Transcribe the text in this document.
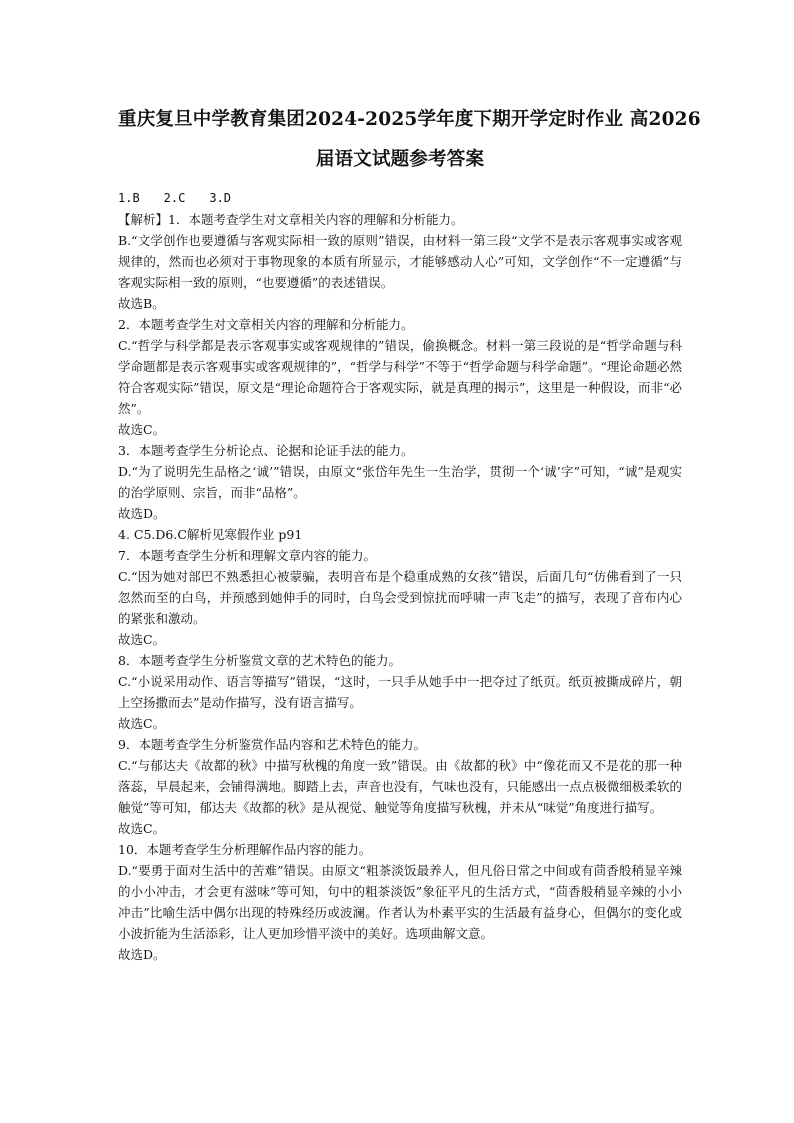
重庆复旦中学教育集团2024-2025学年度下期开学定时作业 高2026
届语文试题参考答案
1.B　　2.C　　3.D

【解析】1．本题考查学生对文章相关内容的理解和分析能力。

B.“文学创作也要遵循与客观实际相一致的原则”错误，由材料一第三段“文学不是表示客观事实或客观规律的，然而也必须对于事物现象的本质有所显示，才能够感动人心”可知，文学创作“不一定遵循”与客观实际相一致的原则，“也要遵循”的表述错误。

故选B。

2．本题考查学生对文章相关内容的理解和分析能力。

C.“哲学与科学都是表示客观事实或客观规律的”错误，偷换概念。材料一第三段说的是“哲学命题与科学命题都是表示客观事实或客观规律的”，“哲学与科学”不等于“哲学命题与科学命题”。“理论命题必然符合客观实际”错误，原文是“理论命题符合于客观实际，就是真理的揭示”，这里是一种假设，而非“必然”。

故选C。

3．本题考查学生分析论点、论据和论证手法的能力。

D.“为了说明先生品格之‘诚’”错误，由原文“张岱年先生一生治学，贯彻一个‘诚’字”可知，“诚”是观实的治学原则、宗旨，而非“品格”。

故选D。

4. C5.D6.C解析见寒假作业 p91

7．本题考查学生分析和理解文章内容的能力。

C.“因为她对部巴不熟悉担心被蒙骗，表明音布是个稳重成熟的女孩”错误，后面几句“仿佛看到了一只忽然而至的白鸟，并预感到她伸手的同时，白鸟会受到惊扰而呼啸一声飞走”的描写，表现了音布内心的紧张和激动。

故选C。

8．本题考查学生分析鉴赏文章的艺术特色的能力。

C.“小说采用动作、语言等描写”错误，“这时，一只手从她手中一把夺过了纸页。纸页被撕成碎片，朝上空扬撒而去”是动作描写，没有语言描写。

故选C。

9．本题考查学生分析鉴赏作品内容和艺术特色的能力。

C.“与郁达夫《故都的秋》中描写秋槐的角度一致”错误。由《故都的秋》中“像花而又不是花的那一种落蕊，早晨起来，会铺得满地。脚踏上去，声音也没有，气味也没有，只能感出一点点极微细极柔软的触觉”等可知，郁达夫《故都的秋》是从视觉、触觉等角度描写秋槐，并未从“味觉”角度进行描写。

故选C。

10．本题考查学生分析理解作品内容的能力。

D.“要勇于面对生活中的苦难”错误。由原文“粗茶淡饭最养人，但凡俗日常之中间或有茴香般稍显辛辣的小小冲击，才会更有滋味”等可知，句中的粗茶淡饭”象征平凡的生活方式，“茴香般稍显辛辣的小小冲击”比喻生活中偶尔出现的特殊经历或波澜。作者认为朴素平实的生活最有益身心，但偶尔的变化或小波折能为生活添彩，让人更加珍惜平淡中的美好。选项曲解文意。

故选D。
